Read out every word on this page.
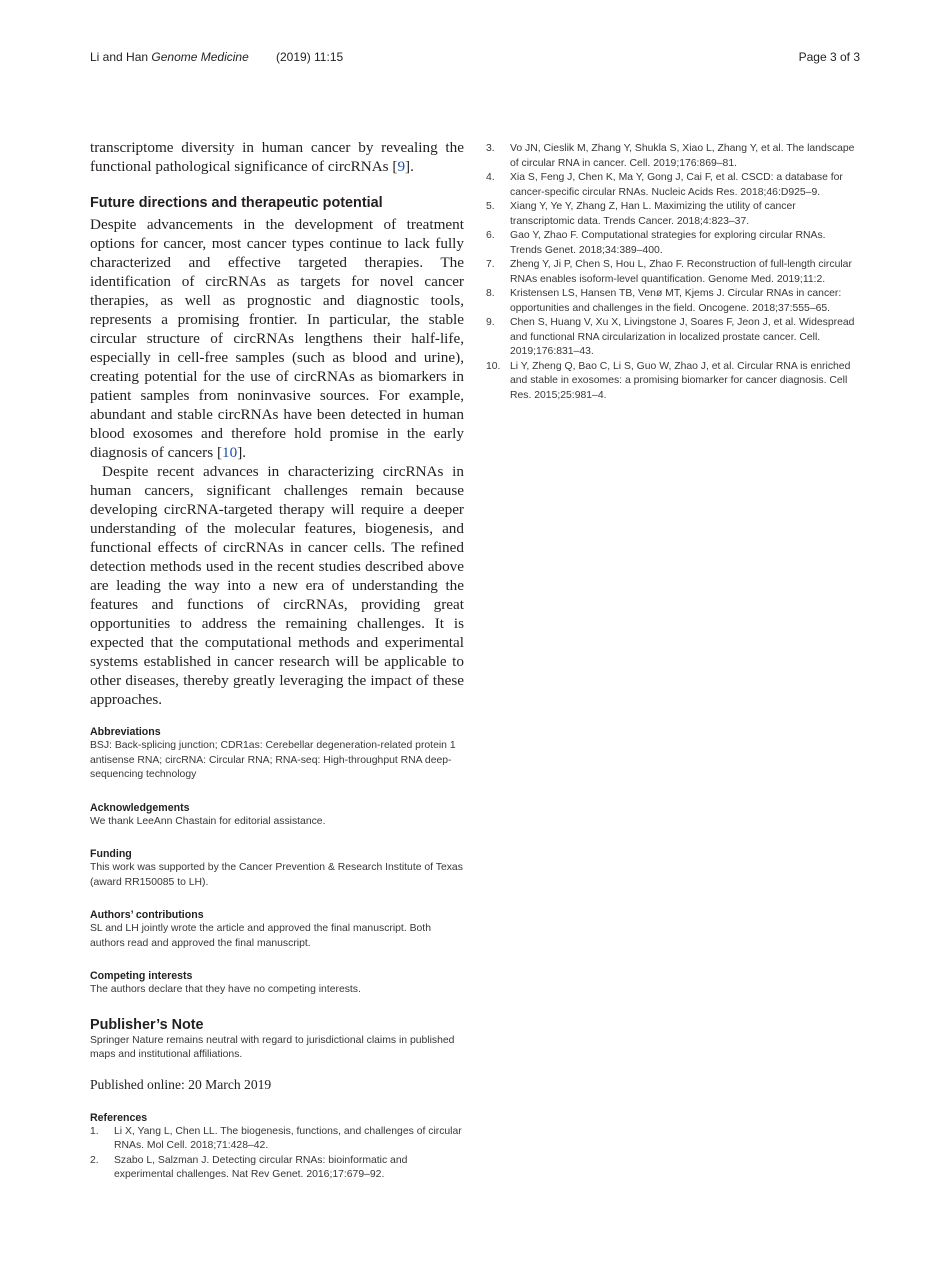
Li and Han Genome Medicine (2019) 11:15	Page 3 of 3

transcriptome diversity in human cancer by revealing the functional pathological significance of circRNAs [9].

Future directions and therapeutic potential

Despite advancements in the development of treatment options for cancer, most cancer types continue to lack fully characterized and effective targeted therapies. The identification of circRNAs as targets for novel cancer therapies, as well as prognostic and diagnostic tools, represents a promising frontier. In particular, the stable circular structure of circRNAs lengthens their half-life, especially in cell-free samples (such as blood and urine), creating potential for the use of circRNAs as biomarkers in patient samples from noninvasive sources. For example, abundant and stable circRNAs have been detected in human blood exosomes and therefore hold promise in the early diagnosis of cancers [10].

Despite recent advances in characterizing circRNAs in human cancers, significant challenges remain because developing circRNA-targeted therapy will require a deeper understanding of the molecular features, biogenesis, and functional effects of circRNAs in cancer cells. The refined detection methods used in the recent studies described above are leading the way into a new era of understanding the features and functions of circRNAs, providing great opportunities to address the remaining challenges. It is expected that the computational methods and experimental systems established in cancer research will be applicable to other diseases, thereby greatly leveraging the impact of these approaches.

Abbreviations

BSJ: Back-splicing junction; CDR1as: Cerebellar degeneration-related protein 1 antisense RNA; circRNA: Circular RNA; RNA-seq: High-throughput RNA deep-sequencing technology

Acknowledgements

We thank LeeAnn Chastain for editorial assistance.

Funding

This work was supported by the Cancer Prevention & Research Institute of Texas (award RR150085 to LH).

Authors’ contributions

SL and LH jointly wrote the article and approved the final manuscript. Both authors read and approved the final manuscript.

Competing interests

The authors declare that they have no competing interests.

Publisher’s Note

Springer Nature remains neutral with regard to jurisdictional claims in published maps and institutional affiliations.

Published online: 20 March 2019

References
1. Li X, Yang L, Chen LL. The biogenesis, functions, and challenges of circular RNAs. Mol Cell. 2018;71:428–42.
2. Szabo L, Salzman J. Detecting circular RNAs: bioinformatic and experimental challenges. Nat Rev Genet. 2016;17:679–92.
3. Vo JN, Cieslik M, Zhang Y, Shukla S, Xiao L, Zhang Y, et al. The landscape of circular RNA in cancer. Cell. 2019;176:869–81.
4. Xia S, Feng J, Chen K, Ma Y, Gong J, Cai F, et al. CSCD: a database for cancer-specific circular RNAs. Nucleic Acids Res. 2018;46:D925–9.
5. Xiang Y, Ye Y, Zhang Z, Han L. Maximizing the utility of cancer transcriptomic data. Trends Cancer. 2018;4:823–37.
6. Gao Y, Zhao F. Computational strategies for exploring circular RNAs. Trends Genet. 2018;34:389–400.
7. Zheng Y, Ji P, Chen S, Hou L, Zhao F. Reconstruction of full-length circular RNAs enables isoform-level quantification. Genome Med. 2019;11:2.
8. Kristensen LS, Hansen TB, Venø MT, Kjems J. Circular RNAs in cancer: opportunities and challenges in the field. Oncogene. 2018;37:555–65.
9. Chen S, Huang V, Xu X, Livingstone J, Soares F, Jeon J, et al. Widespread and functional RNA circularization in localized prostate cancer. Cell. 2019;176:831–43.
10. Li Y, Zheng Q, Bao C, Li S, Guo W, Zhao J, et al. Circular RNA is enriched and stable in exosomes: a promising biomarker for cancer diagnosis. Cell Res. 2015;25:981–4.
